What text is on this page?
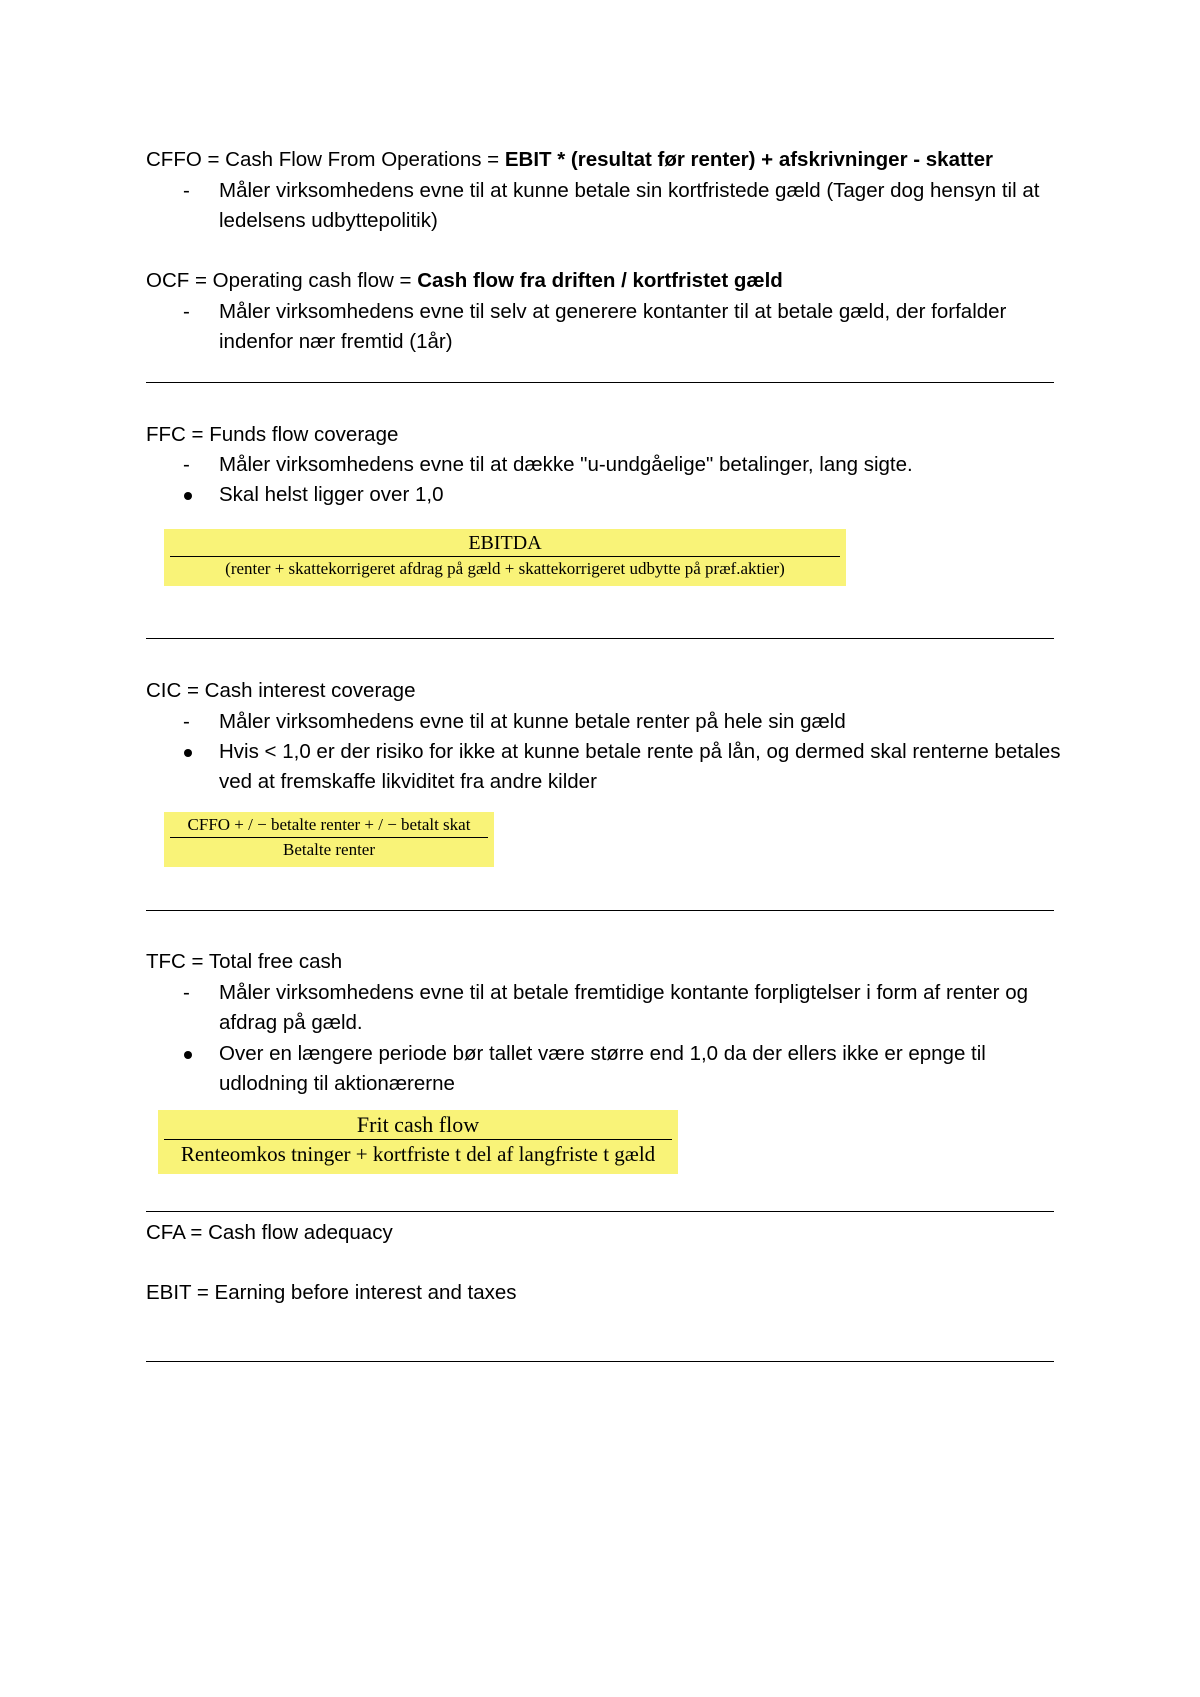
CFFO = Cash Flow From Operations = EBIT * (resultat før renter) + afskrivninger - skatter
- Måler virksomhedens evne til at kunne betale sin kortfristede gæld (Tager dog hensyn til at ledelsens udbyttepolitik)
OCF = Operating cash flow = Cash flow fra driften / kortfristet gæld
- Måler virksomhedens evne til selv at generere kontanter til at betale gæld, der forfalder indenfor nær fremtid (1år)
FFC = Funds flow coverage
- Måler virksomhedens evne til at dække "u-undgåelige" betalinger, lang sigte.
Skal helst ligger over 1,0
EBITDA
(renter + skattekorrigeret afdrag på gæld + skattekorrigeret udbytte på præf.aktier)
CIC = Cash interest coverage
- Måler virksomhedens evne til at kunne betale renter på hele sin gæld
Hvis < 1,0 er der risiko for ikke at kunne betale rente på lån, og dermed skal renterne betales ved at fremskaffe likviditet fra andre kilder
CFFO + / − betalte renter + / − betalt skat
Betalte renter
TFC = Total free cash
- Måler virksomhedens evne til at betale fremtidige kontante forpligtelser i form af renter og afdrag på gæld.
Over en længere periode bør tallet være større end 1,0 da der ellers ikke er epnge til udlodning til aktionærerne
Frit cash flow
Renteomkos tninger + kortfriste t del af langfriste t gæld
CFA = Cash flow adequacy
EBIT = Earning before interest and taxes
